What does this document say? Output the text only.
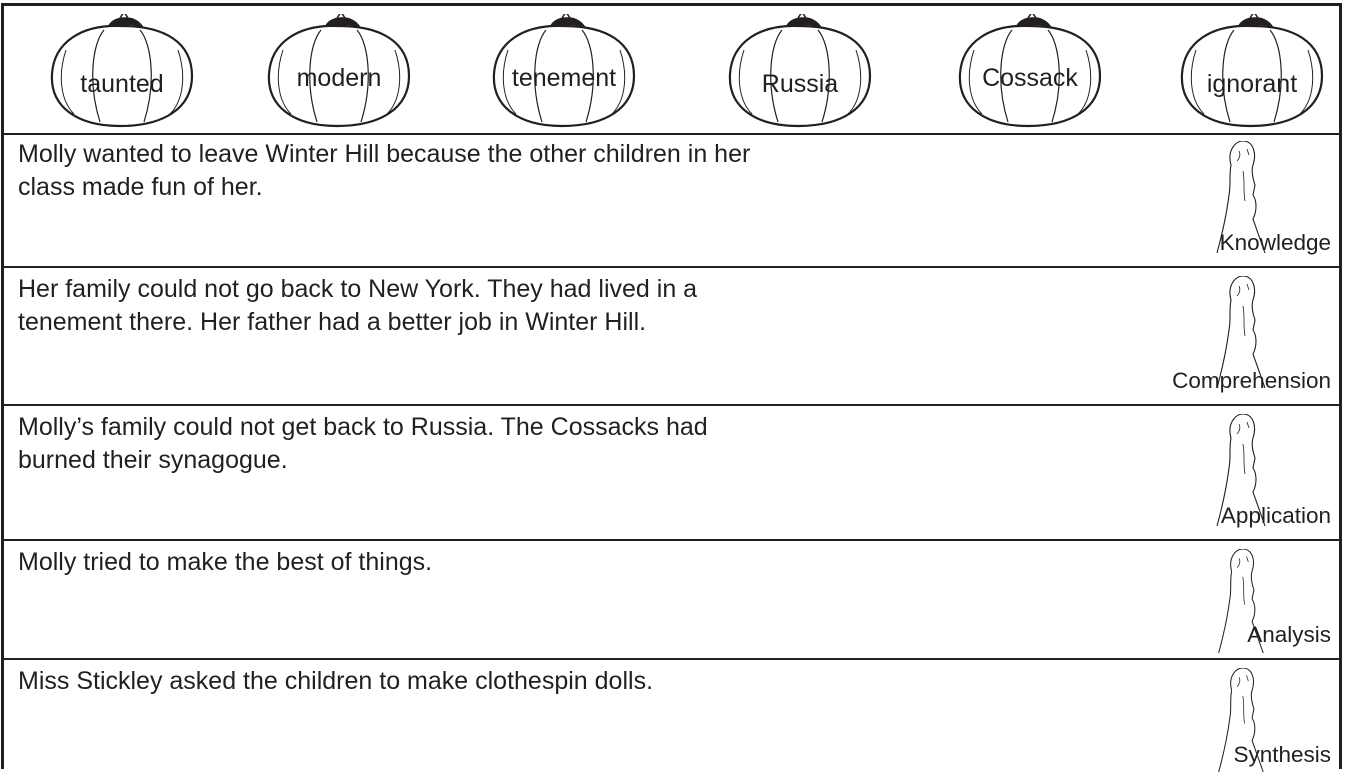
taunted	modern	tenement	Russia	Cossack	ignorant
Molly wanted to leave Winter Hill because the other children in her
class made fun of her.
Knowledge
Her family could not go back to New York. They had lived in a
tenement there. Her father had a better job in Winter Hill.
Comprehension
Molly’s family could not get back to Russia. The Cossacks had
burned their synagogue.
Application
Molly tried to make the best of things.
Analysis
Miss Stickley asked the children to make clothespin dolls.
Synthesis
